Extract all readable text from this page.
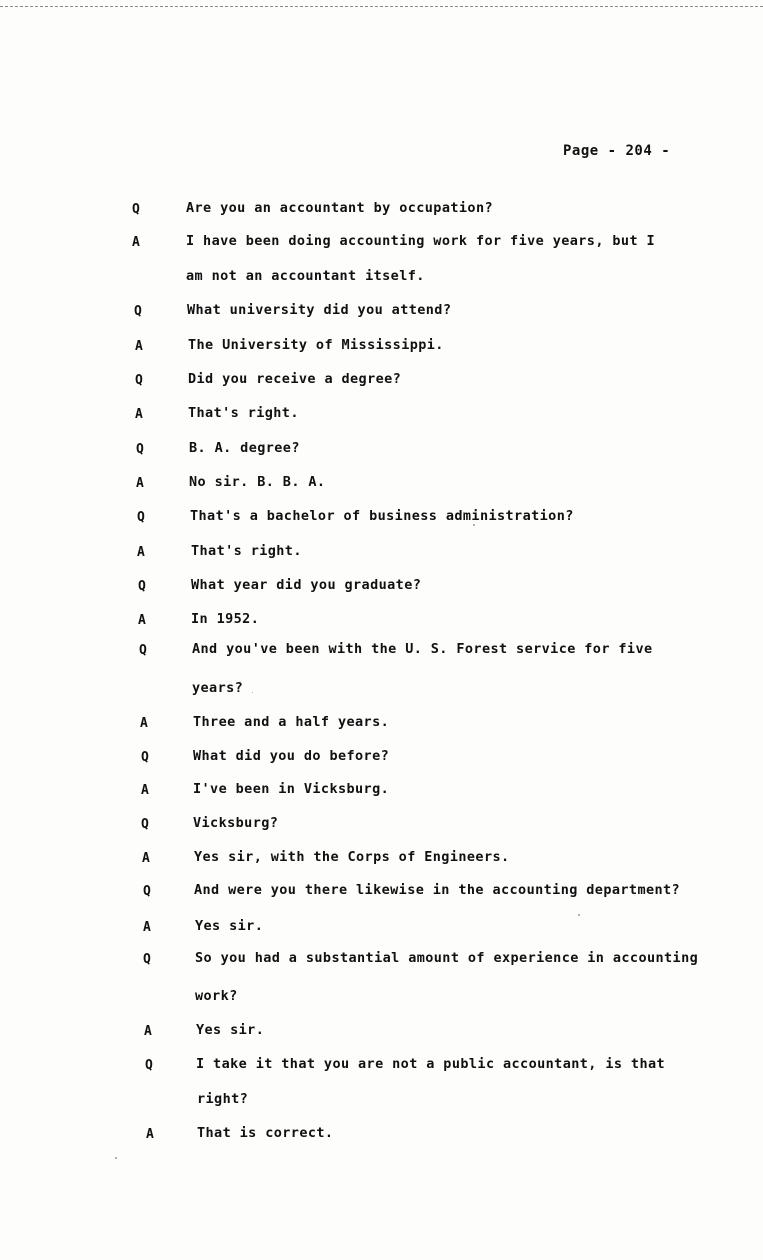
Page - 204 -
Q	Are you an accountant by occupation?
A	I have been doing accounting work for five years, but I
am not an accountant itself.
Q	What university did you attend?
A	The University of Mississippi.
Q	Did you receive a degree?
A	That's right.
Q	B. A. degree?
A	No sir. B. B. A.
Q	That's a bachelor of business administration?
A	That's right.
Q	What year did you graduate?
A	In 1952.
Q	And you've been with the U. S. Forest service for five
years?
A	Three and a half years.
Q	What did you do before?
A	I've been in Vicksburg.
Q	Vicksburg?
A	Yes sir, with the Corps of Engineers.
Q	And were you there likewise in the accounting department?
A	Yes sir.
Q	So you had a substantial amount of experience in accounting
work?
A	Yes sir.
Q	I take it that you are not a public accountant, is that
right?
A	That is correct.
